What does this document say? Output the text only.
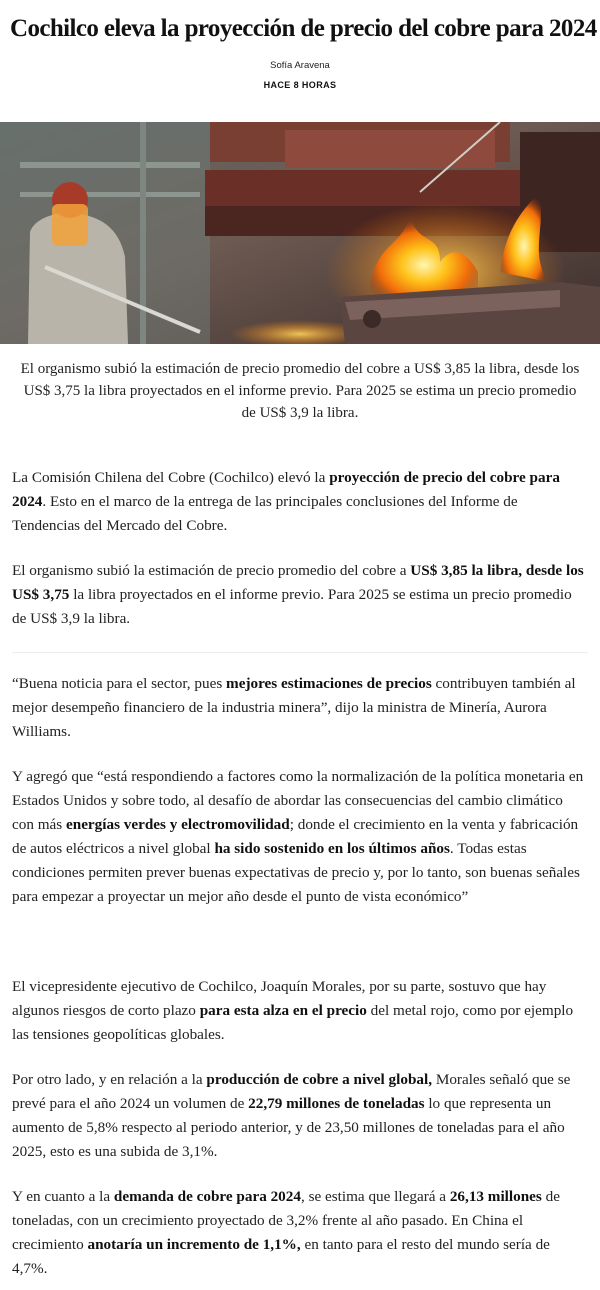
Cochilco eleva la proyección de precio del cobre para 2024
Sofía Aravena
HACE 8 HORAS
El organismo subió la estimación de precio promedio del cobre a US$ 3,85 la libra, desde los US$ 3,75 la libra proyectados en el informe previo. Para 2025 se estima un precio promedio de US$ 3,9 la libra.

La Comisión Chilena del Cobre (Cochilco) elevó la proyección de precio del cobre para 2024. Esto en el marco de la entrega de las principales conclusiones del Informe de Tendencias del Mercado del Cobre.

El organismo subió la estimación de precio promedio del cobre a US$ 3,85 la libra, desde los US$ 3,75 la libra proyectados en el informe previo. Para 2025 se estima un precio promedio de US$ 3,9 la libra.

“Buena noticia para el sector, pues mejores estimaciones de precios contribuyen también al mejor desempeño financiero de la industria minera”, dijo la ministra de Minería, Aurora Williams.

Y agregó que “está respondiendo a factores como la normalización de la política monetaria en Estados Unidos y sobre todo, al desafío de abordar las consecuencias del cambio climático con más energías verdes y electromovilidad; donde el crecimiento en la venta y fabricación de autos eléctricos a nivel global ha sido sostenido en los últimos años. Todas estas condiciones permiten prever buenas expectativas de precio y, por lo tanto, son buenas señales para empezar a proyectar un mejor año desde el punto de vista económico”

El vicepresidente ejecutivo de Cochilco, Joaquín Morales, por su parte, sostuvo que hay algunos riesgos de corto plazo para esta alza en el precio del metal rojo, como por ejemplo las tensiones geopolíticas globales.

Por otro lado, y en relación a la producción de cobre a nivel global, Morales señaló que se prevé para el año 2024 un volumen de 22,79 millones de toneladas lo que representa un aumento de 5,8% respecto al periodo anterior, y de 23,50 millones de toneladas para el año 2025, esto es una subida de 3,1%.

Y en cuanto a la demanda de cobre para 2024, se estima que llegará a 26,13 millones de toneladas, con un crecimiento proyectado de 3,2% frente al año pasado. En China el crecimiento anotaría un incremento de 1,1%, en tanto para el resto del mundo sería de 4,7%.
